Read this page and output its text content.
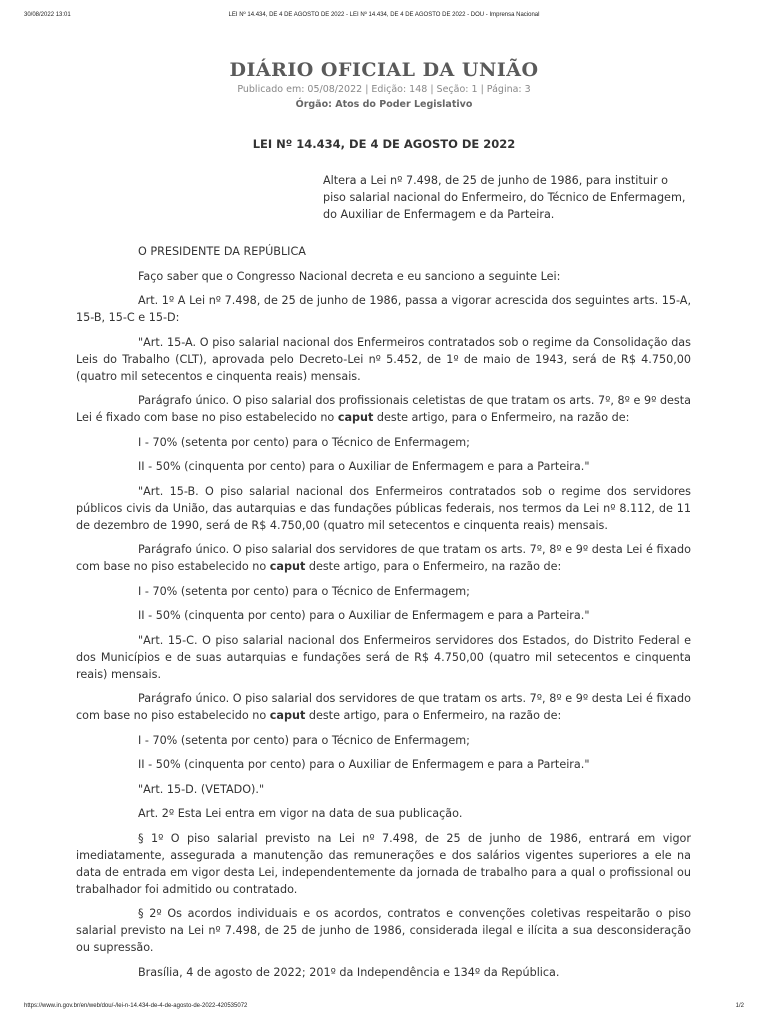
30/08/2022 13:01	LEI Nº 14.434, DE 4 DE AGOSTO DE 2022 - LEI Nº 14.434, DE 4 DE AGOSTO DE 2022 - DOU - Imprensa Nacional
DIÁRIO OFICIAL DA UNIÃO
Publicado em: 05/08/2022 | Edição: 148 | Seção: 1 | Página: 3
Órgão: Atos do Poder Legislativo
LEI Nº 14.434, DE 4 DE AGOSTO DE 2022

Altera a Lei nº 7.498, de 25 de junho de 1986, para instituir o piso salarial nacional do Enfermeiro, do Técnico de Enfermagem, do Auxiliar de Enfermagem e da Parteira.

O PRESIDENTE DA REPÚBLICA

Faço saber que o Congresso Nacional decreta e eu sanciono a seguinte Lei:

Art. 1º A Lei nº 7.498, de 25 de junho de 1986, passa a vigorar acrescida dos seguintes arts. 15-A, 15-B, 15-C e 15-D:

"Art. 15-A. O piso salarial nacional dos Enfermeiros contratados sob o regime da Consolidação das Leis do Trabalho (CLT), aprovada pelo Decreto-Lei nº 5.452, de 1º de maio de 1943, será de R$ 4.750,00 (quatro mil setecentos e cinquenta reais) mensais.

Parágrafo único. O piso salarial dos profissionais celetistas de que tratam os arts. 7º, 8º e 9º desta Lei é fixado com base no piso estabelecido no caput deste artigo, para o Enfermeiro, na razão de:

I - 70% (setenta por cento) para o Técnico de Enfermagem;

II - 50% (cinquenta por cento) para o Auxiliar de Enfermagem e para a Parteira."

"Art. 15-B. O piso salarial nacional dos Enfermeiros contratados sob o regime dos servidores públicos civis da União, das autarquias e das fundações públicas federais, nos termos da Lei nº 8.112, de 11 de dezembro de 1990, será de R$ 4.750,00 (quatro mil setecentos e cinquenta reais) mensais.

Parágrafo único. O piso salarial dos servidores de que tratam os arts. 7º, 8º e 9º desta Lei é fixado com base no piso estabelecido no caput deste artigo, para o Enfermeiro, na razão de:

I - 70% (setenta por cento) para o Técnico de Enfermagem;

II - 50% (cinquenta por cento) para o Auxiliar de Enfermagem e para a Parteira."

"Art. 15-C. O piso salarial nacional dos Enfermeiros servidores dos Estados, do Distrito Federal e dos Municípios e de suas autarquias e fundações será de R$ 4.750,00 (quatro mil setecentos e cinquenta reais) mensais.

Parágrafo único. O piso salarial dos servidores de que tratam os arts. 7º, 8º e 9º desta Lei é fixado com base no piso estabelecido no caput deste artigo, para o Enfermeiro, na razão de:

I - 70% (setenta por cento) para o Técnico de Enfermagem;

II - 50% (cinquenta por cento) para o Auxiliar de Enfermagem e para a Parteira."

"Art. 15-D. (VETADO)."

Art. 2º Esta Lei entra em vigor na data de sua publicação.

§ 1º O piso salarial previsto na Lei nº 7.498, de 25 de junho de 1986, entrará em vigor imediatamente, assegurada a manutenção das remunerações e dos salários vigentes superiores a ele na data de entrada em vigor desta Lei, independentemente da jornada de trabalho para a qual o profissional ou trabalhador foi admitido ou contratado.

§ 2º Os acordos individuais e os acordos, contratos e convenções coletivas respeitarão o piso salarial previsto na Lei nº 7.498, de 25 de junho de 1986, considerada ilegal e ilícita a sua desconsideração ou supressão.

Brasília, 4 de agosto de 2022; 201º da Independência e 134º da República.

https://www.in.gov.br/en/web/dou/-/lei-n-14.434-de-4-de-agosto-de-2022-420535072	1/2
